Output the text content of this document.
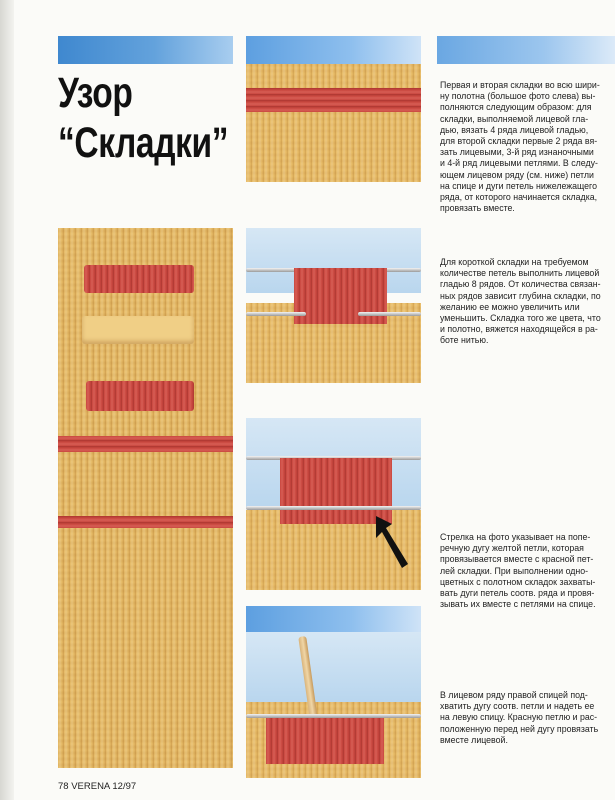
Узор
“Складки”
Первая и вторая складки во всю шири-
ну полотна (большое фото слева) вы-
полняются следующим образом: для
складки, выполняемой лицевой гла-
дью, вязать 4 ряда лицевой гладью,
для второй складки первые 2 ряда вя-
зать лицевыми, 3-й ряд изнаночными
и 4-й ряд лицевыми петлями. В следу-
ющем лицевом ряду (см. ниже) петли
на спице и дуги петель нижележащего
ряда, от которого начинается складка,
провязать вместе.
Для короткой складки на требуемом
количестве петель выполнить лицевой
гладью 8 рядов. От количества связан-
ных рядов зависит глубина складки, по
желанию ее можно увеличить или
уменьшить. Складка того же цвета, что
и полотно, вяжется находящейся в ра-
боте нитью.
Стрелка на фото указывает на попе-
речную дугу желтой петли, которая
провязывается вместе с красной пет-
лей складки. При выполнении одно-
цветных с полотном складок захваты-
вать дуги петель соотв. ряда и провя-
зывать их вместе с петлями на спице.
В лицевом ряду правой спицей под-
хватить дугу соотв. петли и надеть ее
на левую спицу. Красную петлю и рас-
положенную перед ней дугу провязать
вместе лицевой.
78 VERENA 12/97
